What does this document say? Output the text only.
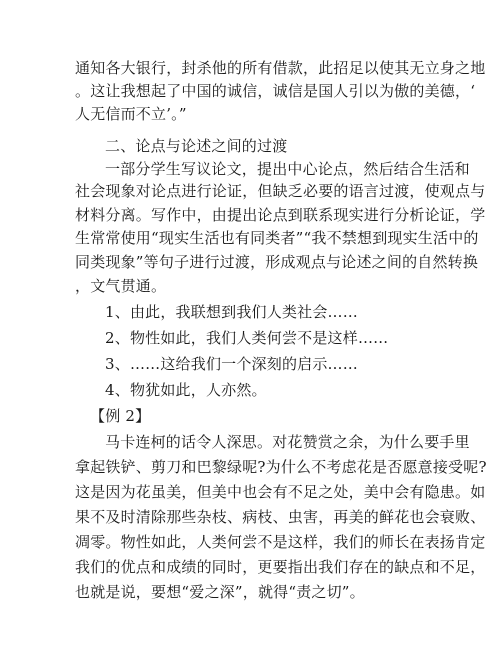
通知各大银行，封杀他的所有借款，此招足以使其无立身之地
。这让我想起了中国的诚信，诚信是国人引以为傲的美德，‘
人无信而不立’。”
二、论点与论述之间的过渡
一部分学生写议论文，提出中心论点，然后结合生活和
社会现象对论点进行论证，但缺乏必要的语言过渡，使观点与
材料分离。写作中，由提出论点到联系现实进行分析论证，学
生常常使用“现实生活也有同类者”“我不禁想到现实生活中的
同类现象”等句子进行过渡，形成观点与论述之间的自然转换
，文气贯通。
1、由此，我联想到我们人类社会……
2、物性如此，我们人类何尝不是这样……
3、……这给我们一个深刻的启示……
4、物犹如此，人亦然。
【例 2】
马卡连柯的话令人深思。对花赞赏之余，为什么要手里
拿起铁铲、剪刀和巴黎绿呢?为什么不考虑花是否愿意接受呢?
这是因为花虽美，但美中也会有不足之处，美中会有隐患。如
果不及时清除那些杂枝、病枝、虫害，再美的鲜花也会衰败、
凋零。物性如此，人类何尝不是这样，我们的师长在表扬肯定
我们的优点和成绩的同时，更要指出我们存在的缺点和不足，
也就是说，要想“爱之深”，就得“责之切”。
